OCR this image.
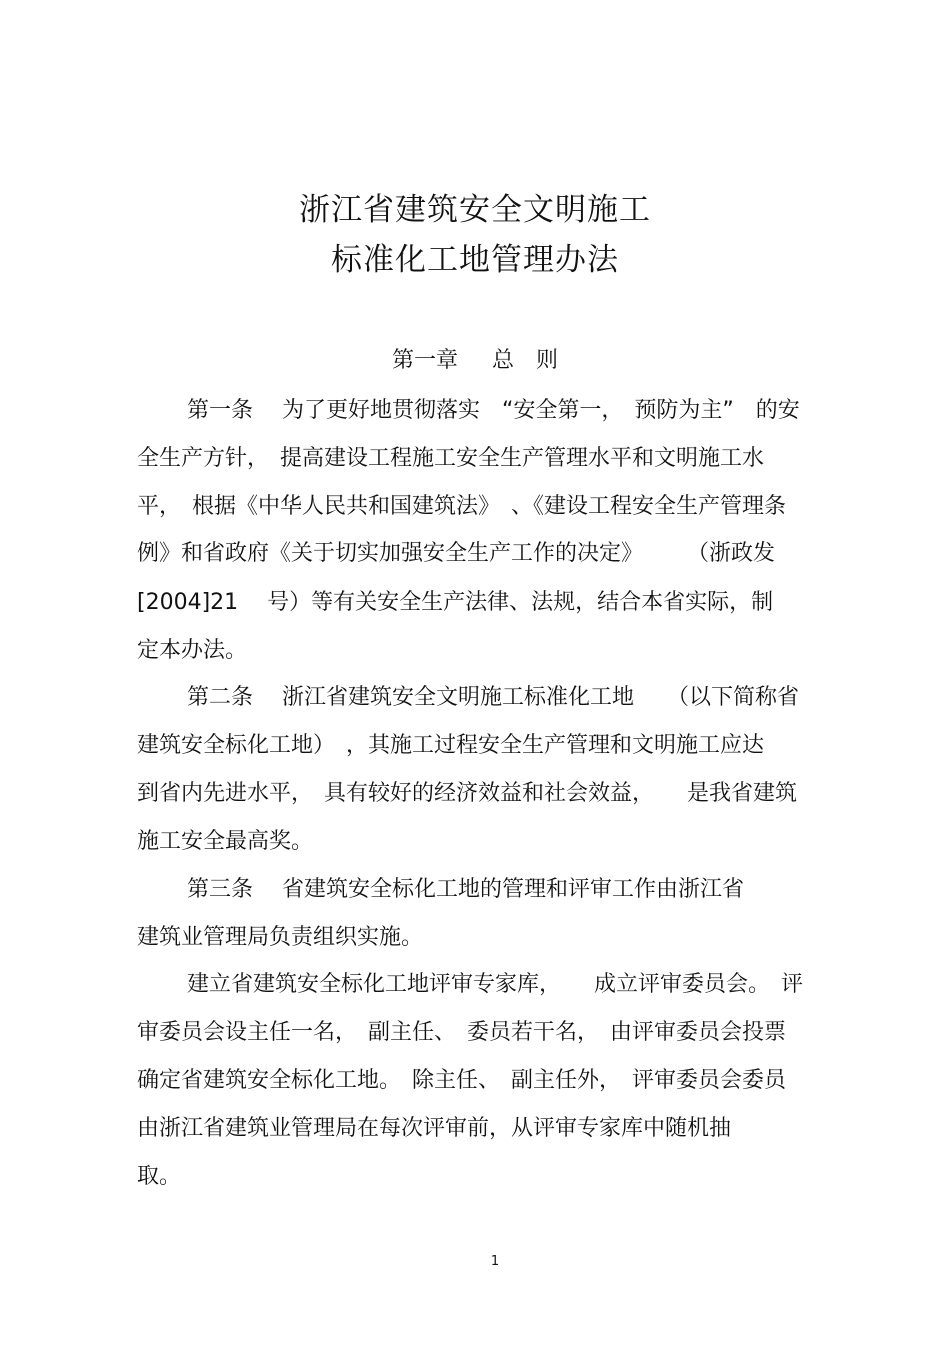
浙江省建筑安全文明施工
标准化工地管理办法
第一章 总　则
第一条　 为了更好地贯彻落实　“安全第一，　预防为主”　的安
全生产方针，　提高建设工程施工安全生产管理水平和文明施工水
平，　根据《中华人民共和国建筑法》　、《建设工程安全生产管理条
例》和省政府《关于切实加强安全生产工作的决定》　　　（浙政发
[2004]21　 号）等有关安全生产法律、法规，结合本省实际，制
定本办法。
第二条　 浙江省建筑安全文明施工标准化工地　　（以下简称省
建筑安全标化工地）　，其施工过程安全生产管理和文明施工应达
到省内先进水平，　具有较好的经济效益和社会效益，　　是我省建筑
施工安全最高奖。
第三条　 省建筑安全标化工地的管理和评审工作由浙江省
建筑业管理局负责组织实施。
建立省建筑安全标化工地评审专家库，　　成立评审委员会。　评
审委员会设主任一名，　副主任、　委员若干名，　由评审委员会投票
确定省建筑安全标化工地。　除主任、　副主任外，　评审委员会委员
由浙江省建筑业管理局在每次评审前，从评审专家库中随机抽
取。
1
